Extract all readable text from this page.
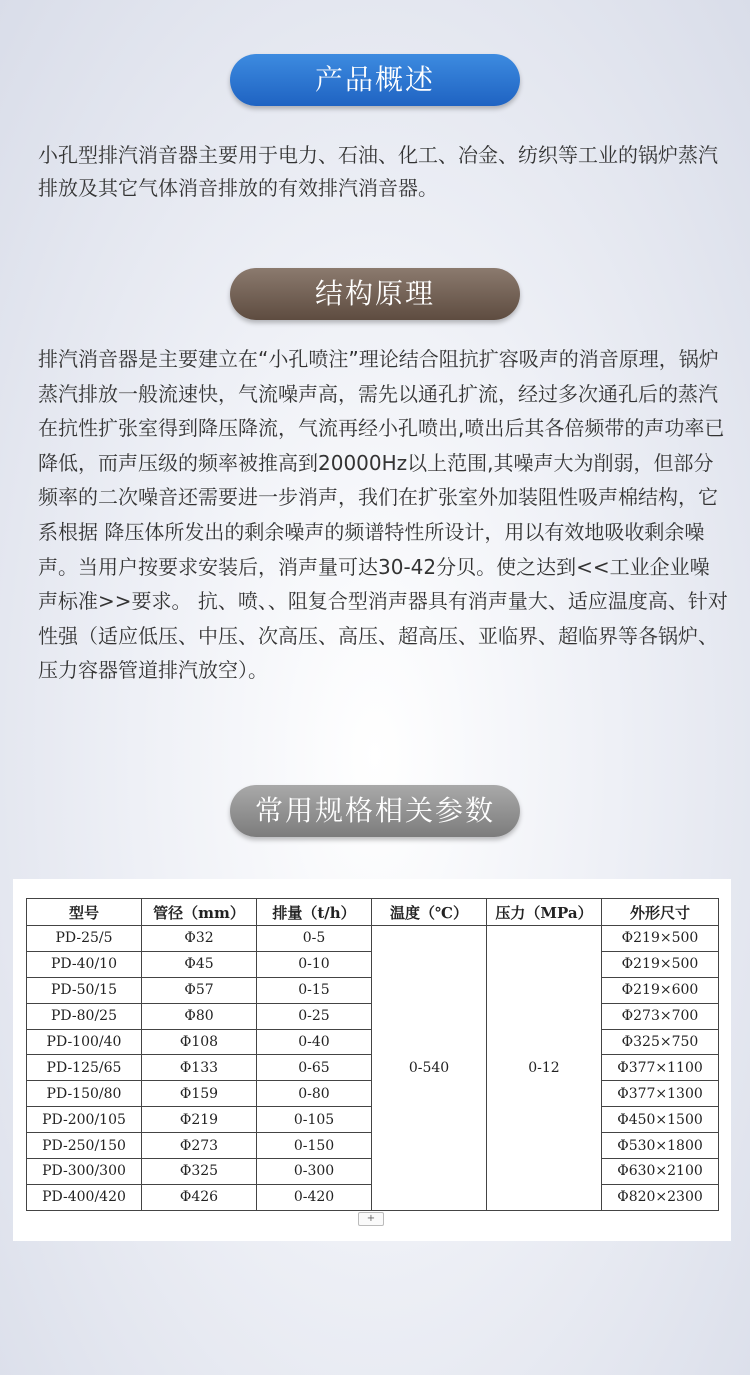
产品概述
小孔型排汽消音器主要用于电力、石油、化工、冶金、纺织等工业的锅炉蒸汽排放及其它气体消音排放的有效排汽消音器。
结构原理
排汽消音器是主要建立在“小孔喷注”理论结合阻抗扩容吸声的消音原理，锅炉蒸汽排放一般流速快，气流噪声高，需先以通孔扩流，经过多次通孔后的蒸汽在抗性扩张室得到降压降流，气流再经小孔喷出,喷出后其各倍频带的声功率已降低，而声压级的频率被推高到20000Hz以上范围,其噪声大为削弱，但部分频率的二次噪音还需要进一步消声，我们在扩张室外加装阻性吸声棉结构，它系根据 降压体所发出的剩余噪声的频谱特性所设计，用以有效地吸收剩余噪声。当用户按要求安装后，消声量可达30-42分贝。使之达到<<工业企业噪声标准>>要求。 抗、喷、、阻复合型消声器具有消声量大、适应温度高、针对性强（适应低压、中压、次高压、高压、超高压、亚临界、超临界等各锅炉、压力容器管道排汽放空）。
常用规格相关参数
型号	管径（mm）	排量（t/h）	温度（℃）	压力（MPa）	外形尺寸
PD-25/5	Φ32	0-5	0-540	0-12	Φ219×500
PD-40/10	Φ45	0-10			Φ219×500
PD-50/15	Φ57	0-15			Φ219×600
PD-80/25	Φ80	0-25			Φ273×700
PD-100/40	Φ108	0-40			Φ325×750
PD-125/65	Φ133	0-65			Φ377×1100
PD-150/80	Φ159	0-80			Φ377×1300
PD-200/105	Φ219	0-105			Φ450×1500
PD-250/150	Φ273	0-150			Φ530×1800
PD-300/300	Φ325	0-300			Φ630×2100
PD-400/420	Φ426	0-420			Φ820×2300
+
